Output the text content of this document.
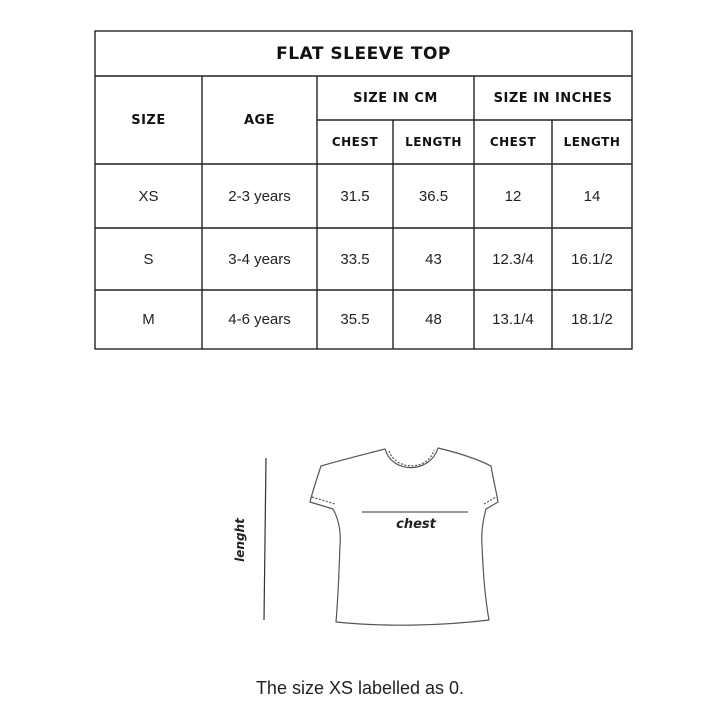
FLAT SLEEVE TOP
SIZE	AGE
SIZE IN CM	SIZE IN INCHES
CHEST	LENGTH	CHEST	LENGTH
XS	2-3 years	31.5	36.5	12	14
S	3-4 years	33.5	43	12.3/4	16.1/2
M	4-6 years	35.5	48	13.1/4	18.1/2
chest
lenght
The size XS labelled as 0.
